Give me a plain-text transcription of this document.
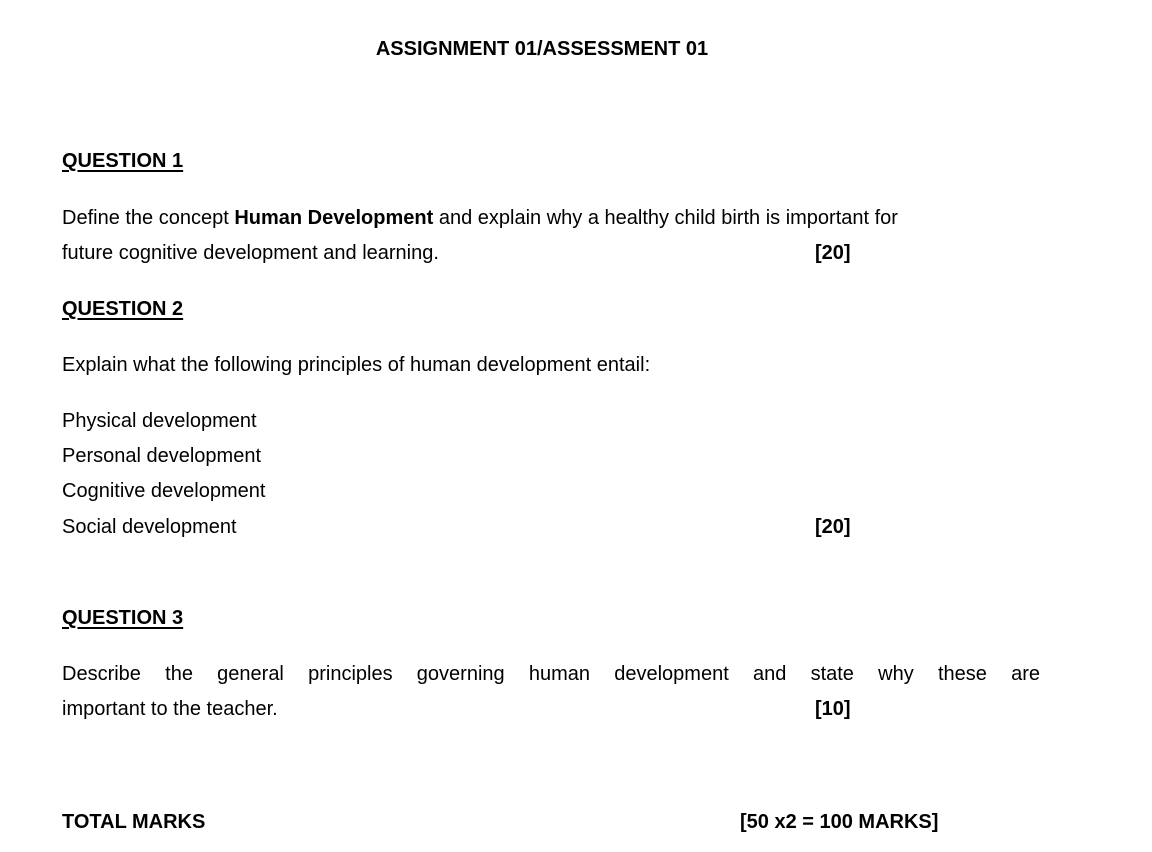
ASSIGNMENT 01/ASSESSMENT 01
QUESTION 1
Define the concept Human Development and explain why a healthy child birth is important for
future cognitive development and learning.	[20]
QUESTION 2
Explain what the following principles of human development entail:
Physical development
Personal development
Cognitive development
Social development	[20]
QUESTION 3
Describe the general principles governing human development and state why these are
important to the teacher.	[10]
TOTAL MARKS	[50 x2 = 100 MARKS]
